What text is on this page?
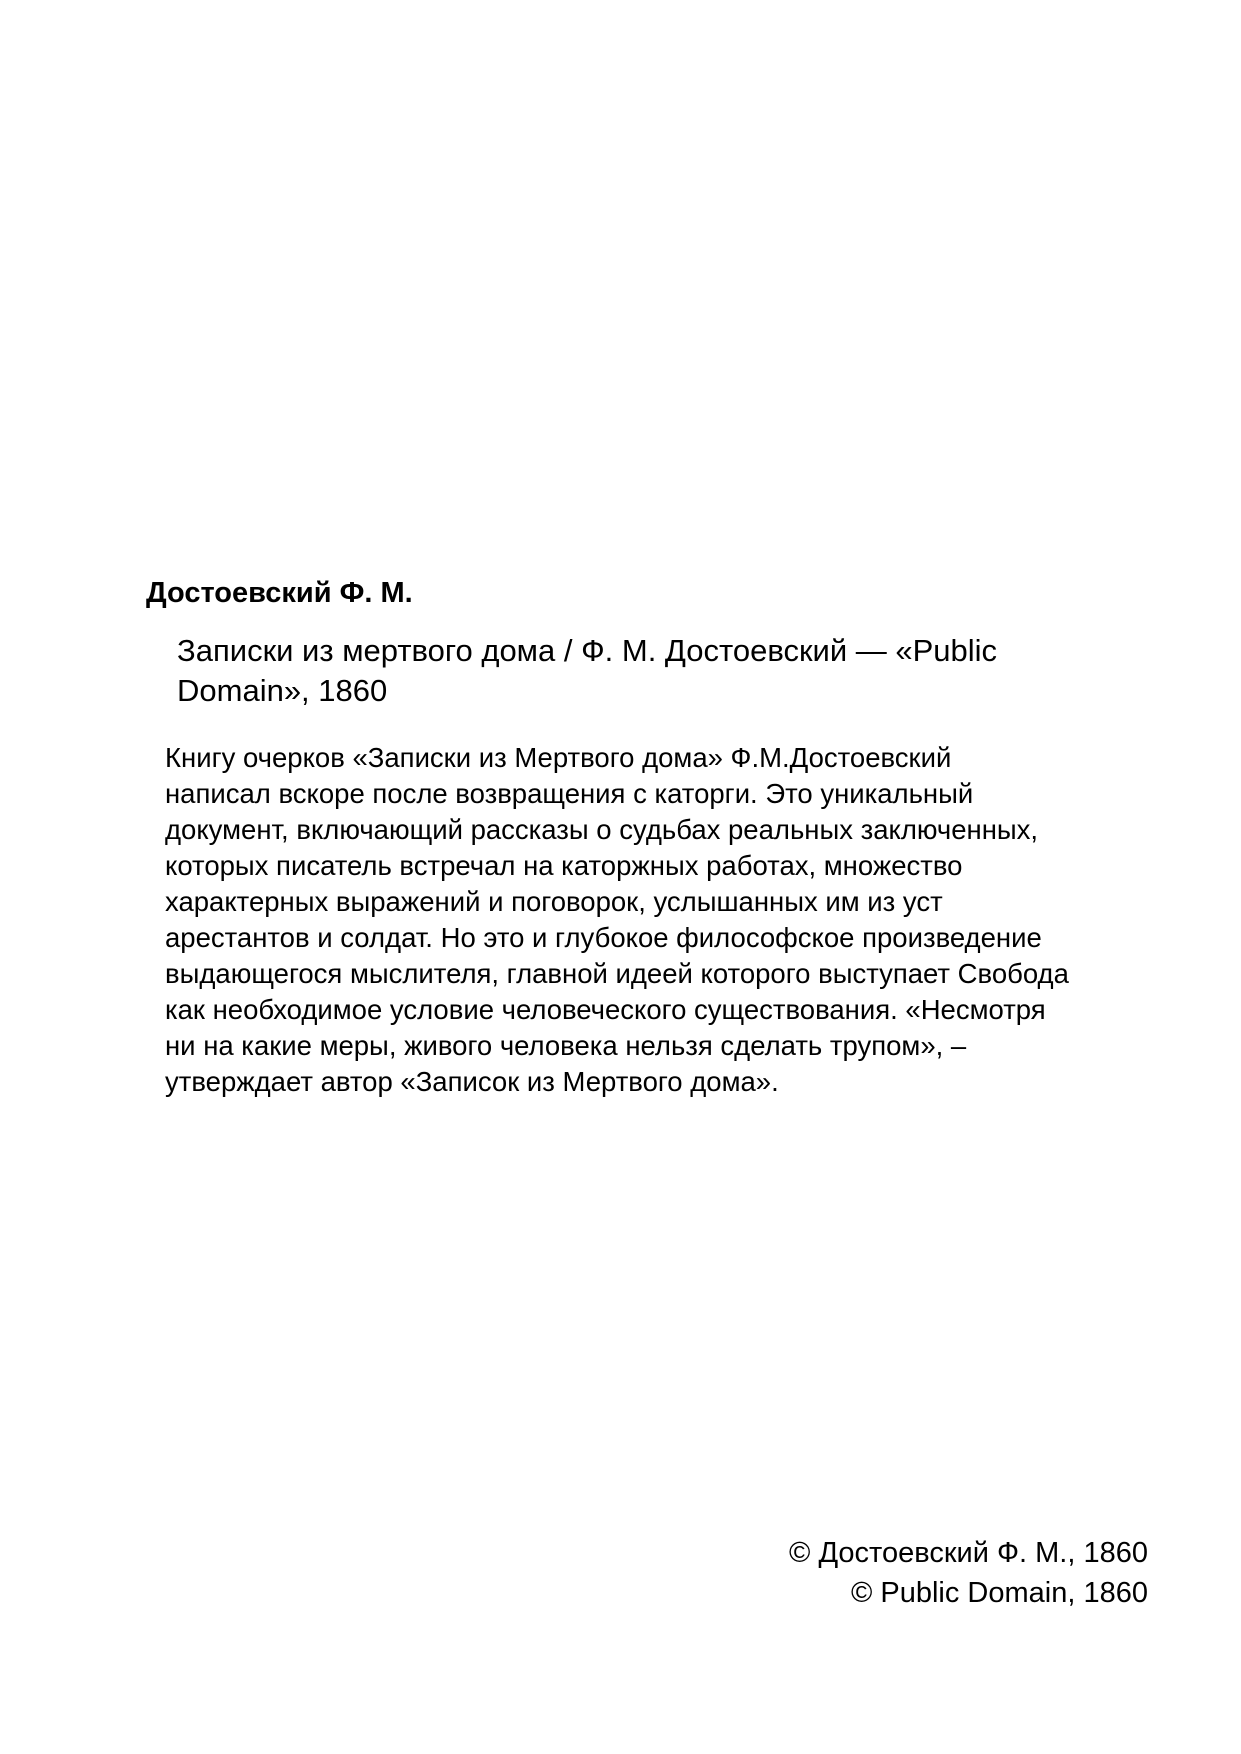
Достоевский Ф. М.

Записки из мертвого дома / Ф. М. Достоевский — «Public

Domain», 1860

Книгу очерков «Записки из Мертвого дома» Ф.М.Достоевский

написал вскоре после возвращения с каторги. Это уникальный

документ, включающий рассказы о судьбах реальных заключенных,

которых писатель встречал на каторжных работах, множество

характерных выражений и поговорок, услышанных им из уст

арестантов и солдат. Но это и глубокое философское произведение

выдающегося мыслителя, главной идеей которого выступает Свобода

как необходимое условие человеческого существования. «Несмотря

ни на какие меры, живого человека нельзя сделать трупом», –

утверждает автор «Записок из Мертвого дома».

© Достоевский Ф. М., 1860

© Public Domain, 1860
